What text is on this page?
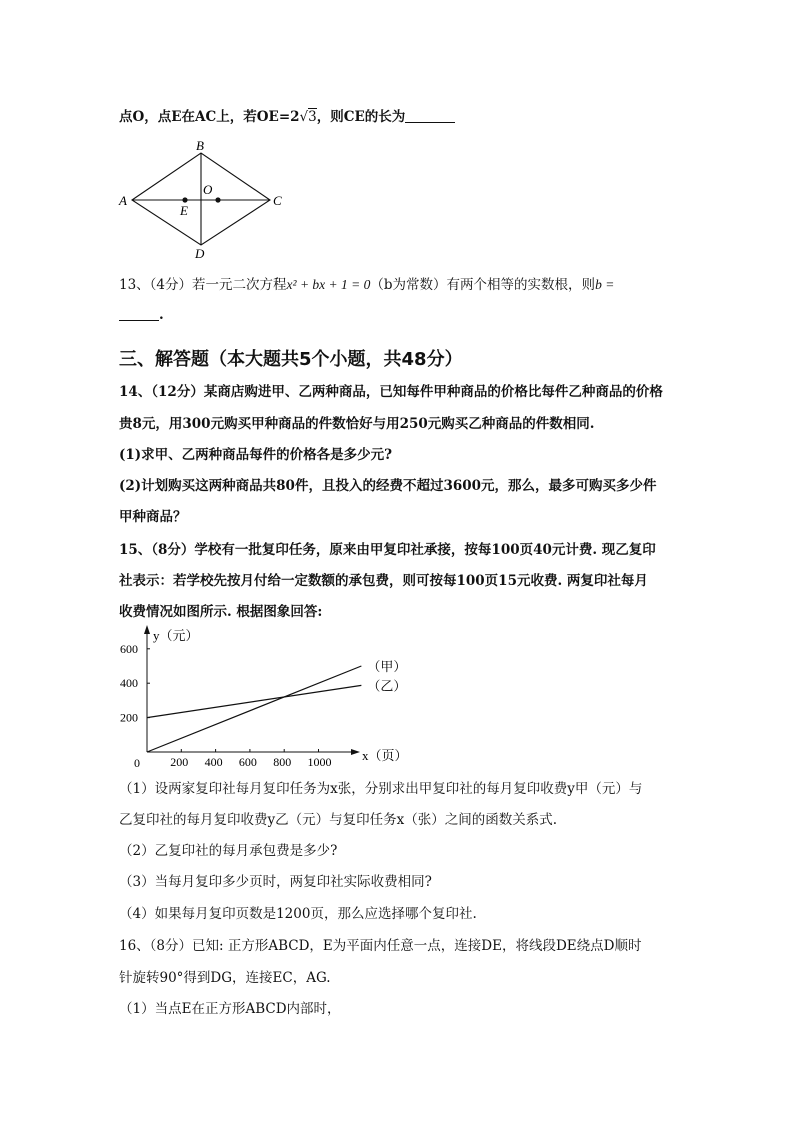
点O，点E在AC上，若OE=2√3，则CE的长为
A
B
C
D
O
E
13、（4分）若一元二次方程x² + bx + 1 = 0（b为常数）有两个相等的实数根，则b =
.
三、解答题（本大题共5个小题，共48分）
14、（12分）某商店购进甲、乙两种商品，已知每件甲种商品的价格比每件乙种商品的价格
贵8元，用300元购买甲种商品的件数恰好与用250元购买乙种商品的件数相同.
(1)求甲、乙两种商品每件的价格各是多少元?
(2)计划购买这两种商品共80件，且投入的经费不超过3600元，那么，最多可购买多少件
甲种商品？
15、（8分）学校有一批复印任务，原来由甲复印社承接，按每100页40元计费. 现乙复印
社表示：若学校先按月付给一定数额的承包费，则可按每100页15元收费. 两复印社每月
收费情况如图所示. 根据图象回答:
200 400 600 800 1000
200
400
600
（甲）
（乙）
y（元）
x（页）
0
（1）设两家复印社每月复印任务为x张，分别求出甲复印社的每月复印收费y甲（元）与
乙复印社的每月复印收费y乙（元）与复印任务x（张）之间的函数关系式.
（2）乙复印社的每月承包费是多少?
（3）当每月复印多少页时，两复印社实际收费相同?
（4）如果每月复印页数是1200页，那么应选择哪个复印社.
16、（8分）已知: 正方形ABCD，E为平面内任意一点，连接DE，将线段DE绕点D顺时
针旋转90°得到DG，连接EC，AG.
（1）当点E在正方形ABCD内部时，
